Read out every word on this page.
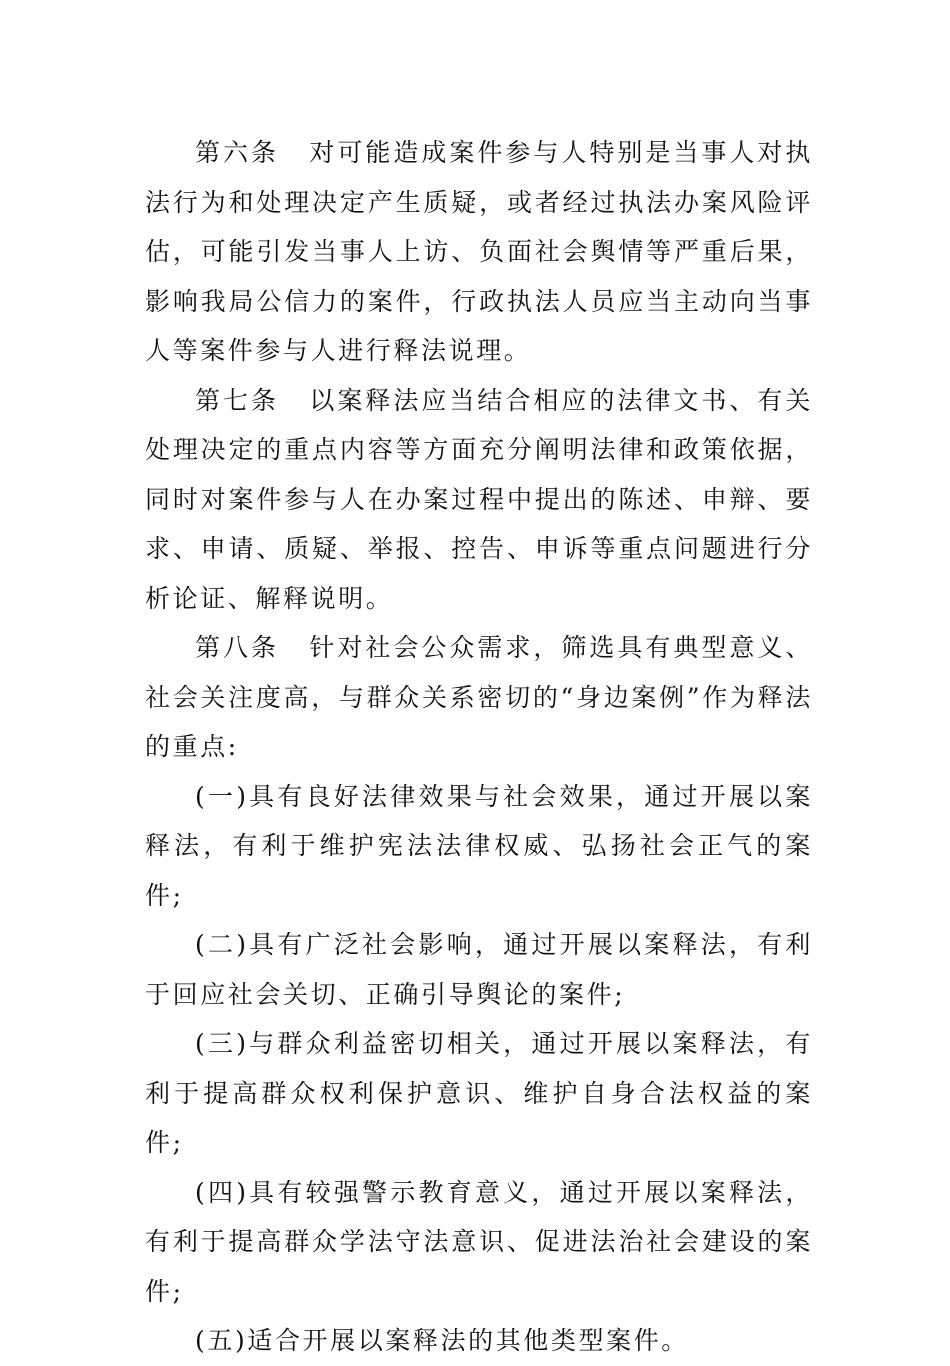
第六条 对可能造成案件参与人特别是当事人对执法行为和处理决定产生质疑，或者经过执法办案风险评估，可能引发当事人上访、负面社会舆情等严重后果，影响我局公信力的案件，行政执法人员应当主动向当事人等案件参与人进行释法说理。

第七条 以案释法应当结合相应的法律文书、有关处理决定的重点内容等方面充分阐明法律和政策依据，同时对案件参与人在办案过程中提出的陈述、申辩、要求、申请、质疑、举报、控告、申诉等重点问题进行分析论证、解释说明。

第八条 针对社会公众需求，筛选具有典型意义、社会关注度高，与群众关系密切的“身边案例”作为释法的重点:

(一)具有良好法律效果与社会效果，通过开展以案释法，有利于维护宪法法律权威、弘扬社会正气的案件;

(二)具有广泛社会影响，通过开展以案释法，有利于回应社会关切、正确引导舆论的案件;

(三)与群众利益密切相关，通过开展以案释法，有利于提高群众权利保护意识、维护自身合法权益的案件;

(四)具有较强警示教育意义，通过开展以案释法，有利于提高群众学法守法意识、促进法治社会建设的案件;

(五)适合开展以案释法的其他类型案件。
